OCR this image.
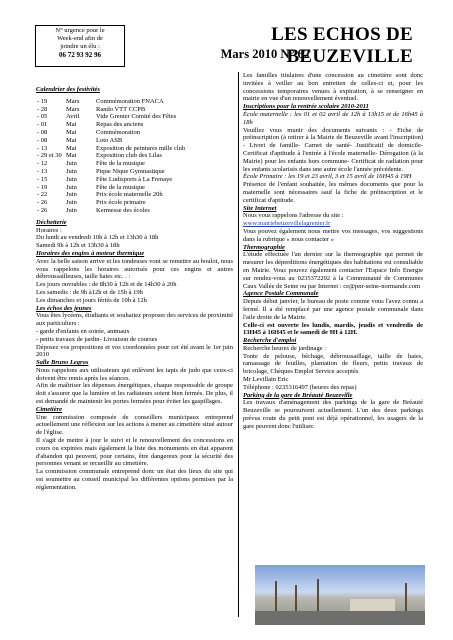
N° urgence pour le
Week-end afin de
joindre un élu :
06 72 93 92 96
LES ECHOS DE BEUZEVILLE
Mars 2010 N° 62
Calendrier des festivités
- 19	Mars	Commémoration FNACA
- 28	Mars	Rando VTT CCPB
- 05	Avril	Vide Grenier Comité des Fêtes
- 01	Mai	Repas des anciens
- 08	Mai	Commémoration
- 08	Mai	Loto ASB
- 13	Mai	Exposition de peintures mille club
- 29 et 30 Mai	Exposition club des Lilas
- 12	Juin	Fête de la musique
- 13	Juin	Pique Nique Gymnastique
- 15	Juin	Fête Ludisports à La Frenaye
- 19	Juin	Fête de la musique
- 22	Juin	Prix école maternelle 20h
- 26	Juin	Prix école primaire
- 26	Juin	Kermesse des écoles
Déchetterie
Horaires :
Du lundi au vendredi 10h à 12h et 13h30 à 18h
Samedi 9h à 12h et 13h30 à 18h
Horaires des engins à moteur thermique

Avec la belle saison arrive et les tondeuses vont se remettre au boulot, nous vous rappelons les horaires autorisés pour ces engins et autres débroussailleuses, taille haies etc. . :

Les jours ouvrables : de 8h30 à 12h et de 14h30 à 20h
Les samedis : de 9h à12h et de 15h à 19h
Les dimanches et jours fériés de 10h à 12h
Les échos des jeunes

Vous êtes lycéens, étudiants et souhaitez proposer des services de proximité aux particuliers :

- garde d'enfants en soirée, animaux
- petits travaux de jardin- Livraison de courses

Déposez vos propositions et vos coordonnées pour cet été avant le 1er juin 2010

Salle Bruno Legros

Nous rappelons aux utilisateurs qui enlèvent les tapis de judo que ceux-ci doivent être remis après les séances.

Afin de maîtriser les dépenses énergétiques, chaque responsable de groupe doit s'assurer que la lumière et les radiateurs soient bien fermés. De plus, il est demandé de maintenir les portes fermées pour éviter les gaspillages.

Cimetière

Une commission composée de conseillers municipaux entreprend actuellement une réflexion sur les actions à mener au cimetière situé autour de l'église.

Il s'agit de mettre à jour le suivi et le renouvellement des concessions en cours ou expirées mais également la liste des monuments en état apparent d'abandon qui peuvent, pour certains, être dangereux pour la sécurité des personnes venant se recueillir au cimetière.

La commission communale entreprend donc un état des lieux du site qui est soumettre au conseil municipal les différentes options permises par la réglementation.

Les familles titulaires d'une concession au cimetière sont donc invitées à veiller au bon entretien de celles-ci et, pour les concessions temporaires venues à expiration, à se renseigner en mairie en vue d'un renouvellement éventuel.

Inscriptions pour la rentrée scolaire 2010-2011

École maternelle : les 01 et 02 avril de 12h à 13h15 et de 16h45 à 18h

Veuillez vous munir des documents suivants : - Fiche de préinscription (à retirer à la Mairie de Beuzeville avant l'inscription) - Livret de famille- Carnet de santé- Justificatif de domicile- Certificat d'aptitude à l'entrée à l'école maternelle- Dérogation (à la Mairie) pour les enfants hors commune- Certificat de radiation pour les enfants scolarisés dans une autre école l'année précédente.

École Primaire : les 19 et 23 avril, 3 et 15 avril de 16H45 à 19H

Présence de l'enfant souhaitée, les mêmes documents que pour la maternelle sont nécessaires sauf la fiche de préinscription et le certificat d'aptitude.

Site Internet
Nous vous rappelons l'adresse du site :
www.mairiebeuzevillelagrenier.fr

Vous pouvez également nous mettre vos messages, vos suggestions dans la rubrique « nous contacter »

Thermographie

L'étude effectuée l'an dernier sur la thermographie qui permet de mesurer les déperditions énergétiques des habitations est consultable en Mairie. Vous pouvez également contacter l'Espace Info Energie sur rendez-vous au 0235372292 à la Communauté de Communes Caux Vallée de Seine ou par Internet : ce@pnr-seine-normande.com

Agence Postale Communale

Depuis début janvier, le bureau de poste comme vous l'avez connu a fermé. Il a été remplacé par une agence postale communale dans l'aile droite de la Mairie.

Celle-ci est ouverte les lundis, mardis, jeudis et vendredis de 13H45 à 16H45 et le samedi de 9H à 12H.

Recherche d'emploi
Recherche heures de jardinage :

Tonte de pelouse, bêchage, débroussaillage, taille de haies, ramassage de feuilles, plantation de fleurs, petits travaux de bricolage, Chèques Emploi Service acceptés

Mr Levillain Eric
Téléphone : 0235316497 (heures des repas)
Parking de la gare de Bréauté Beuzeville

Les travaux d'aménagement des parkings de la gare de Bréauté Beuzeville se poursuivent actuellement. L'un des deux parkings prévus route du petit pont est déjà opérationnel, les usagers de la gare peuvent donc l'utiliser.
